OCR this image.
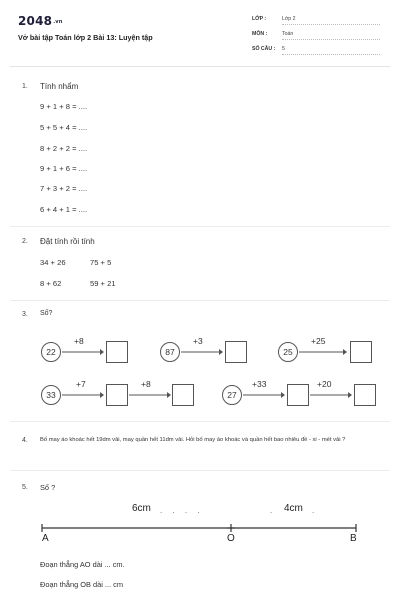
2048.vn
Vở bài tập Toán lớp 2 Bài 13: Luyện tập
LỚP :	Lớp 2
MÔN :	Toán
SỐ CÂU : 5
1. Tính nhẩm
9 + 1 + 8 = ....
5 + 5 + 4 = ....
8 + 2 + 2 = ....
9 + 1 + 6 = ....
7 + 3 + 2 = ....
6 + 4 + 1 = ....
2. Đặt tính rồi tính
34 + 26	75 + 5
8 + 62	59 + 21
3. Số?
22
+8
87
+3
25
+25
33
+7	+8
27
+33	+20
4. Bố may áo khoác hết 19dm vải, may quần hết 11dm vải. Hỏi bố may áo khoác và quần hết bao nhiêu đề - xi - mét vải ?
5. Số ?
6cm . . . .	4cm
.	.
A	O	B
Đoạn thẳng AO dài ... cm.
Đoạn thẳng OB dài ... cm
